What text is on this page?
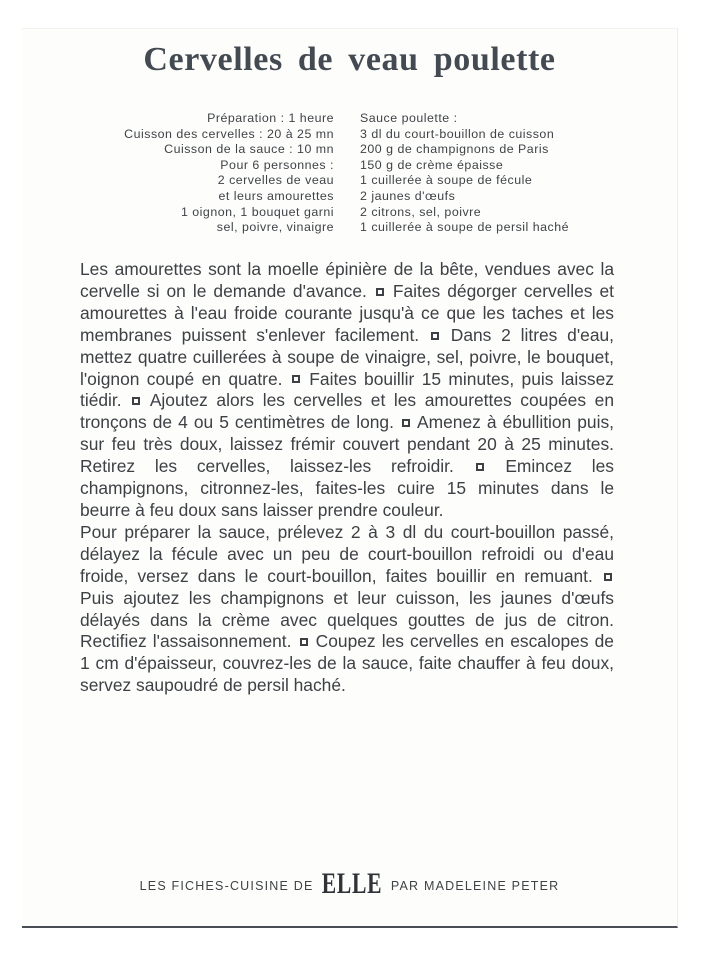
Cervelles de veau poulette
Préparation : 1 heure
Cuisson des cervelles : 20 à 25 mn
Cuisson de la sauce : 10 mn
Pour 6 personnes :
2 cervelles de veau
et leurs amourettes
1 oignon, 1 bouquet garni
sel, poivre, vinaigre
Sauce poulette :
3 dl du court-bouillon de cuisson
200 g de champignons de Paris
150 g de crème épaisse
1 cuillerée à soupe de fécule
2 jaunes d'œufs
2 citrons, sel, poivre
1 cuillerée à soupe de persil haché

Les amourettes sont la moelle épinière de la bête, vendues avec la cervelle si on le demande d'avance. Faites dégorger cervelles et amourettes à l'eau froide courante jusqu'à ce que les taches et les membranes puissent s'enlever facilement. Dans 2 litres d'eau, mettez quatre cuillerées à soupe de vinaigre, sel, poivre, le bouquet, l'oignon coupé en quatre. Faites bouillir 15 minutes, puis laissez tiédir. Ajoutez alors les cervelles et les amourettes coupées en tronçons de 4 ou 5 centimètres de long. Amenez à ébullition puis, sur feu très doux, laissez frémir couvert pendant 20 à 25 minutes. Retirez les cervelles, laissez-les refroidir.	Emincez les champignons, citronnez-les, faites-les cuire 15 minutes dans le beurre à feu doux sans laisser prendre couleur.

Pour préparer la sauce, prélevez 2 à 3 dl du court-bouillon passé, délayez la fécule avec un peu de court-bouillon refroidi ou d'eau froide, versez dans le court-bouillon, faites bouillir en remuant.  Puis ajoutez les champignons et leur cuisson, les jaunes d'œufs délayés dans la crème avec quelques gouttes de jus de citron. Rectifiez l'assaisonnement. Coupez les cervelles en escalopes de 1 cm d'épaisseur, couvrez-les de la sauce, faite chauffer à feu doux, servez saupoudré de persil haché.

LES FICHES-CUISINE DE ELLE PAR MADELEINE PETER
